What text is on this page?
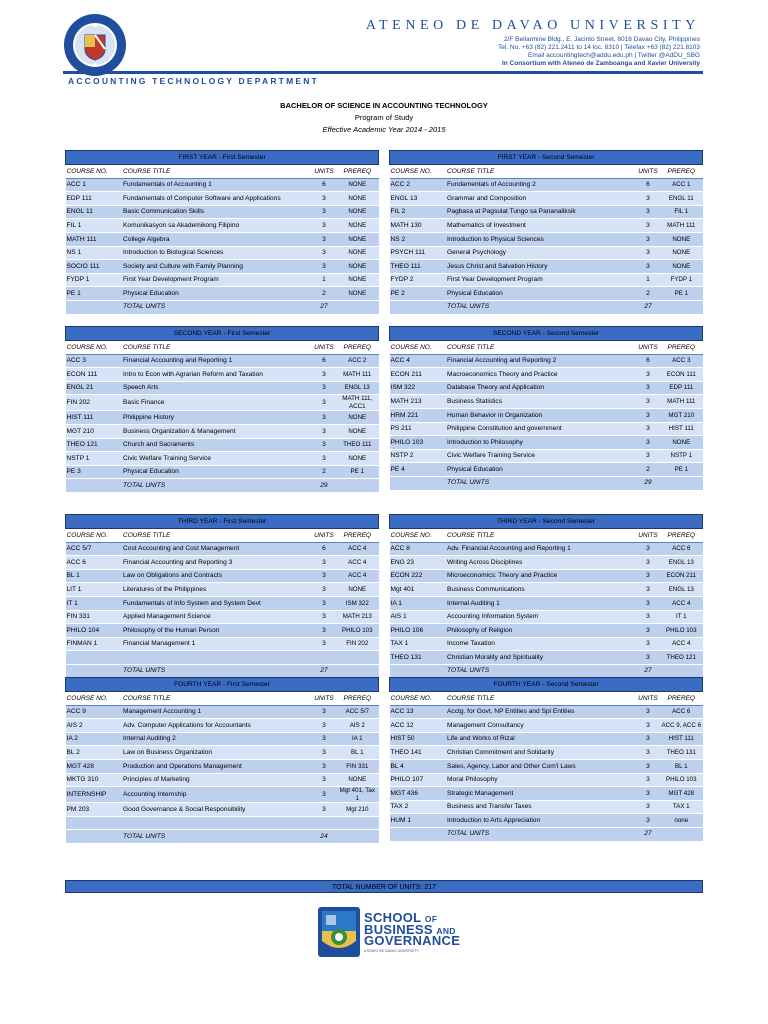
ATENEO DE DAVAO UNIVERSITY
2/F Bellarmine Bldg., E. Jacinto Street, 8016 Davao City, Philippines
Tel. No. +63 (82) 221.2411 to 14 loc. 8310 | Telefax +63 (82) 221.8103
Email accountingtech@addu.edu.ph | Twitter @AdDU_SBG
In Consortium with Ateneo de Zamboanga and Xavier University
ACCOUNTING TECHNOLOGY DEPARTMENT
BACHELOR OF SCIENCE IN ACCOUNTING TECHNOLOGY
Program of Study
Effective Academic Year 2014 - 2015
FIRST YEAR - First Semester			
COURSE NO.	COURSE TITLE	UNITS	PREREQ
ACC 1	Fundamentals of Accounting 1	6	NONE
EDP 111	Fundamentals of Computer Software and Applications	3	NONE
ENGL 11	Basic Communication Skills	3	NONE
FIL 1	Komunikasyon sa Akademikong Filipino	3	NONE
MATH 111	College Algebra	3	NONE
NS 1	Introduction to Biological Sciences	3	NONE
SOCIO 111	Society and Culture with Family Planning	3	NONE
FYDP 1	First Year Development Program	1	NONE
PE 1	Physical Education	2	NONE
	TOTAL UNITS	27	
FIRST YEAR - Second Semester			
COURSE NO.	COURSE TITLE	UNITS	PREREQ
ACC 2	Fundamentals of Accounting 2	6	ACC 1
ENGL 13	Grammar and Composition	3	ENGL 11
FIL 2	Pagbasa at Pagsulat Tungo sa Pananaliksik	3	FIL 1
MATH 130	Mathematics of Investment	3	MATH 111
NS 2	Introduction to Physical Sciences	3	NONE
PSYCH 111	General Psychology	3	NONE
THEO 111	Jesus Christ and Salvation History	3	NONE
FYDP 2	First Year Development Program	1	FYDP 1
PE 2	Physical Education	2	PE 1
	TOTAL UNITS	27	
SECOND YEAR - First Semester			
COURSE NO.	COURSE TITLE	UNITS	PREREQ
ACC 3	Financial Accounting and Reporting 1	6	ACC 2
ECON 111	Intro to Econ with Agrarian Reform and Taxation	3	MATH 111
ENGL 21	Speech Arts	3	ENGL 13
FIN 202	Basic Finance	3	MATH 111, ACC1
HIST 111	Philippine History	3	NONE
MGT 210	Business Organization & Management	3	NONE
THEO 121	Church and Sacraments	3	THEO 111
NSTP 1	Civic Welfare Training Service	3	NONE
PE 3	Physical Education	2	PE 1
	TOTAL UNITS	29	
SECOND YEAR - Second Semester			
COURSE NO.	COURSE TITLE	UNITS	PREREQ
ACC 4	Financial Accounting and Reporting 2	6	ACC 3
ECON 211	Macroeconomics Theory and Practice	3	ECON 111
ISM 322	Database Theory and Application	3	EDP 111
MATH 213	Business Statistics	3	MATH 111
HRM 221	Human Behavior in Organization	3	MGT 210
PS 211	Philippine Constitution and government	3	HIST 111
PHILO 103	Introduction to Philosophy	3	NONE
NSTP 2	Civic Welfare Training Service	3	NSTP 1
PE 4	Physical Education	2	PE 1
	TOTAL UNITS	29	
THIRD YEAR - First Semester			
COURSE NO.	COURSE TITLE	UNITS	PREREQ
ACC 5/7	Cost Accounting and Cost Management	6	ACC 4
ACC 6	Financial Accounting and Reporting 3	3	ACC 4
BL 1	Law on Obligations and Contracts	3	ACC 4
LIT 1	Literatures of the Philippines	3	NONE
IT 1	Fundamentals of Info System and System Devt	3	ISM 322
FIN 331	Applied Management Science	3	MATH 213
PHILO 104	Philosophy of the Human Person	3	PHILO 103
FINMAN 1	Financial Management 1	3	FIN 202

	TOTAL UNITS	27	
THIRD YEAR - Second Semester			
COURSE NO.	COURSE TITLE	UNITS	PREREQ
ACC 8	Adv. Financial Accounting and Reporting 1	3	ACC 6
ENG 23	Writing Across Disciplines	3	ENGL 13
ECON 222	Microeconomics: Theory and Practice	3	ECON 211
Mgt 401	Business Communications	3	ENGL 13
IA 1	Internal Auditing 1	3	ACC 4
AIS 1	Accounting Information System	3	IT 1
PHILO 106	Philosophy of Religion	3	PHILO 103
TAX 1	Income Taxation	3	ACC 4
THEO 131	Christian Morality and Spirituality	3	THEO 121
	TOTAL UNITS	27	
FOURTH YEAR - First Semester			
COURSE NO.	COURSE TITLE	UNITS	PREREQ
ACC 9	Management Accounting 1	3	ACC 5/7
AIS 2	Adv. Computer Applications for Accountants	3	AIS 2
IA 2	Internal Auditing 2	3	IA 1
BL 2	Law on Business Organization	3	BL 1
MGT 428	Production and Operations Management	3	FIN 331
MKTG 310	Principles of Marketing	3	NONE
INTERNSHIP	Accounting Internship	3	Mgt 401, Tax 1
PM 203	Good Governance & Social Responsibility	3	Mgt 210

	TOTAL UNITS	24	
FOURTH YEAR - Second Semester			
COURSE NO.	COURSE TITLE	UNITS	PREREQ
ACC 13	Acctg. for Govt, NP Entities and Spl Entities	3	ACC 6
ACC 12	Management Consultancy	3	ACC 9, ACC 6
HIST 50	Life and Works of Rizal	3	HIST 111
THEO 141	Christian Commitment and Solidarity	3	THEO 131
BL 4	Sales, Agency, Labor and Other Com'l Laws	3	BL 1
PHILO 107	Moral Philosophy	3	PHILO 103
MGT 436	Strategic Management	3	MGT 428
TAX 2	Business and Transfer Taxes	3	TAX 1
HUM 1	Introduction to Arts Appreciation	3	none
	TOTAL UNITS	27	
TOTAL NUMBER OF UNITS: 217
SCHOOL OF
BUSINESS AND
GOVERNANCE
ATENEO DE DAVAO UNIVERSITY
